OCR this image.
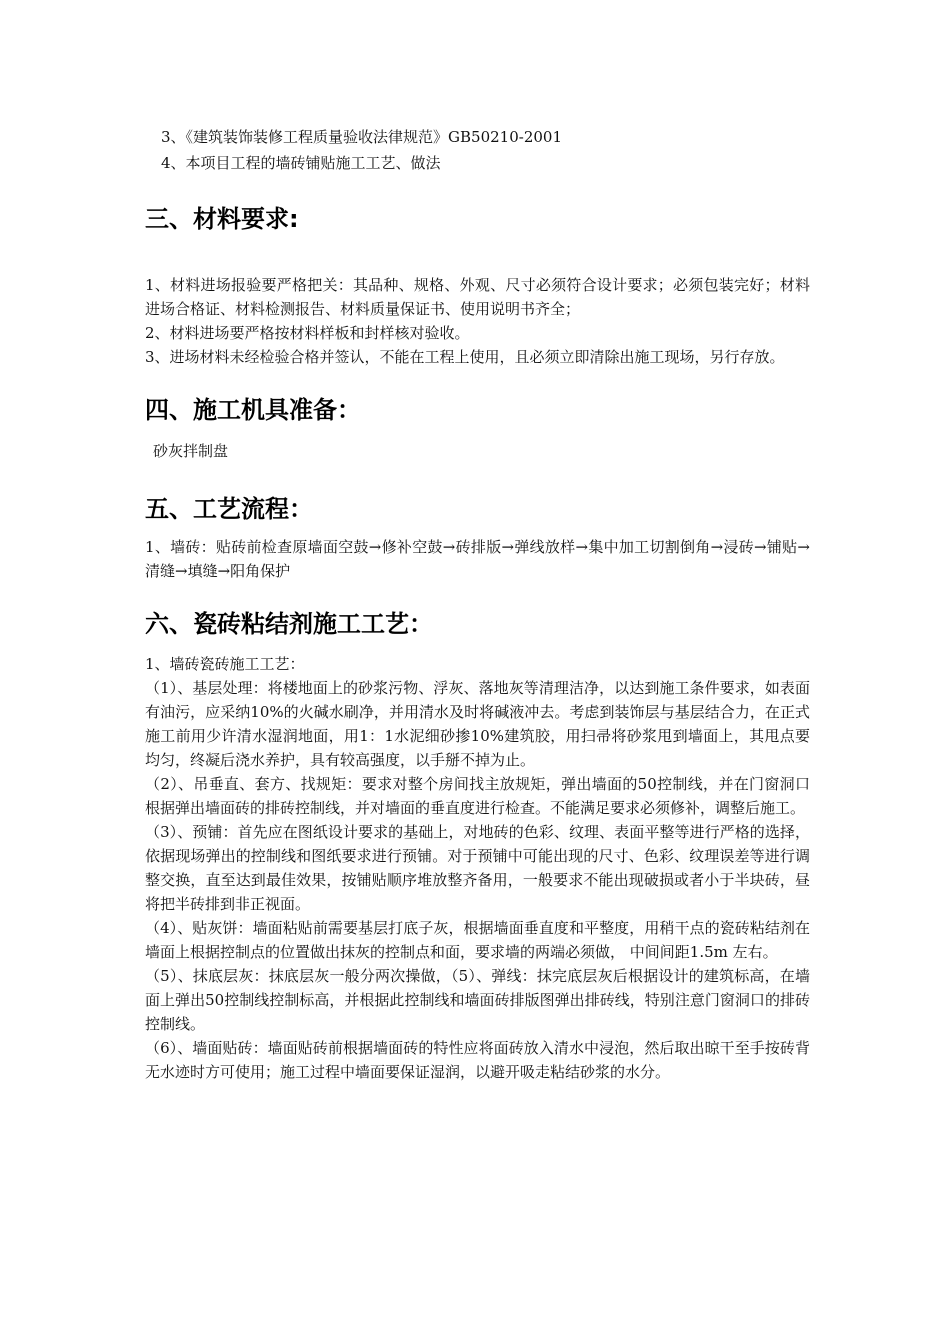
3、《建筑装饰装修工程质量验收法律规范》GB50210-2001

4、本项目工程的墙砖铺贴施工工艺、做法

三、材料要求:

1、材料进场报验要严格把关：其品种、规格、外观、尺寸必须符合设计要求；必须包装完好；材料进场合格证、材料检测报告、材料质量保证书、使用说明书齐全；

2、材料进场要严格按材料样板和封样核对验收。

3、进场材料未经检验合格并签认，不能在工程上使用，且必须立即清除出施工现场，另行存放。

四、施工机具准备：
砂灰拌制盘
五、工艺流程：

1、墙砖：贴砖前检查原墙面空鼓→修补空鼓→砖排版→弹线放样→集中加工切割倒角→浸砖→铺贴→清缝→填缝→阳角保护

六、瓷砖粘结剂施工工艺：

1、墙砖瓷砖施工工艺：

（1）、基层处理：将楼地面上的砂浆污物、浮灰、落地灰等清理洁净，以达到施工条件要求，如表面有油污，应采纳10%的火碱水刷净，并用清水及时将碱液冲去。考虑到装饰层与基层结合力，在正式施工前用少许清水湿润地面，用1：1水泥细砂掺10%建筑胶，用扫帚将砂浆甩到墙面上，其甩点要均匀，终凝后浇水养护，具有较高强度，以手掰不掉为止。

（2）、吊垂直、套方、找规矩：要求对整个房间找主放规矩，弹出墙面的50控制线，并在门窗洞口根据弹出墙面砖的排砖控制线，并对墙面的垂直度进行检查。不能满足要求必须修补，调整后施工。

（3）、预铺：首先应在图纸设计要求的基础上，对地砖的色彩、纹理、表面平整等进行严格的选择，依据现场弹出的控制线和图纸要求进行预铺。对于预铺中可能出现的尺寸、色彩、纹理误差等进行调整交换，直至达到最佳效果，按铺贴顺序堆放整齐备用，一般要求不能出现破损或者小于半块砖，昼将把半砖排到非正视面。

（4）、贴灰饼：墙面粘贴前需要基层打底子灰，根据墙面垂直度和平整度，用稍干点的瓷砖粘结剂在墙面上根据控制点的位置做出抹灰的控制点和面，要求墙的两端必须做， 中间间距1.5m 左右。

（5）、抹底层灰：抹底层灰一般分两次操做，（5）、弹线：抹完底层灰后根据设计的建筑标高，在墙面上弹出50控制线控制标高，并根据此控制线和墙面砖排版图弹出排砖线，特别注意门窗洞口的排砖控制线。

（6）、墙面贴砖：墙面贴砖前根据墙面砖的特性应将面砖放入清水中浸泡，然后取出晾干至手按砖背无水迹时方可使用；施工过程中墙面要保证湿润，以避开吸走粘结砂浆的水分。
